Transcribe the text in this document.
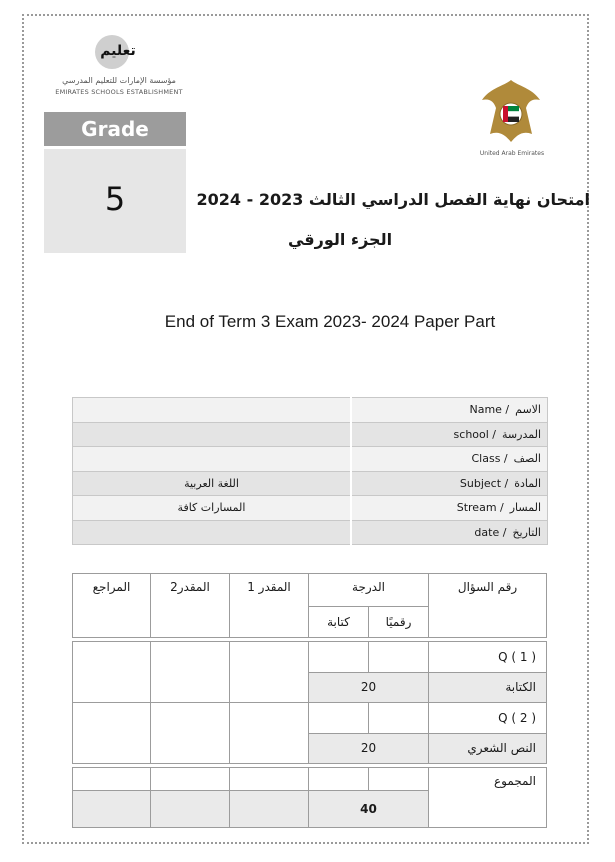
تعليم
مؤسسة الإمارات للتعليم المدرسي
EMIRATES SCHOOLS ESTABLISHMENT
Grade
5
United Arab Emirates
امتحان نهاية الفصل الدراسي الثالث 2023 - 2024
الجزء الورقي
End of Term 3 Exam 2023- 2024 Paper Part
	Name / الاسم
	school / المدرسة
	Class / الصف
اللغة العربية	Subject / المادة
المسارات كافة	Stream / المسار
	date / التاريخ
المراجع	المقدر2	المقدر 1	الدرجة		رقم السؤال
			كتابة	رقميًا	

					Q ( 1 )
			20		الكتابة
					Q ( 2 )
			20		النص الشعري

					المجموع
			40		
